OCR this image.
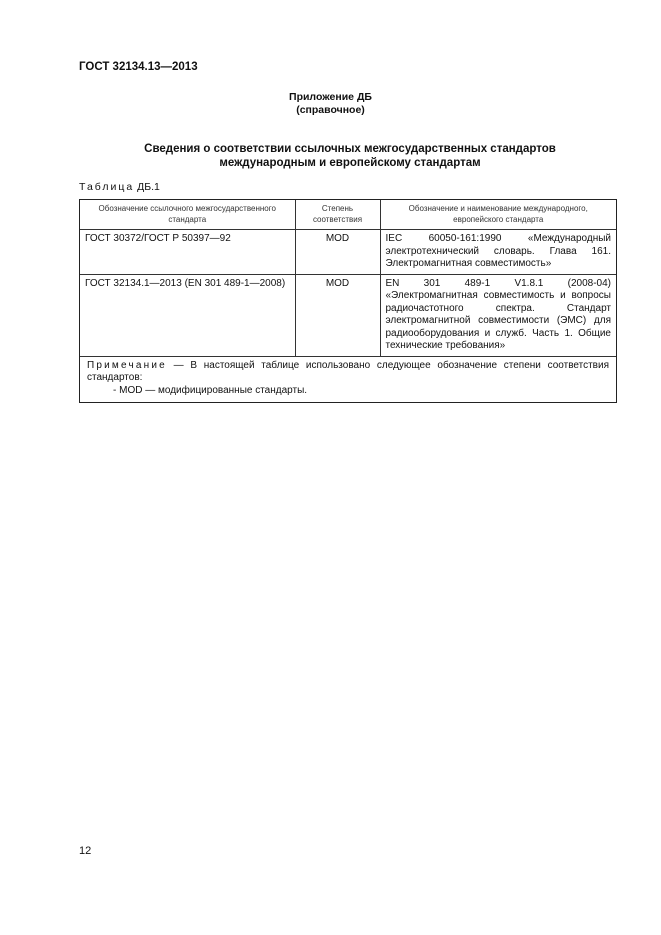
ГОСТ 32134.13—2013
Приложение ДБ
(справочное)
Сведения о соответствии ссылочных межгосударственных стандартов
международным и европейскому стандартам
Таблица ДБ.1
Обозначение ссылочного межгосударственного стандарта	Степень соответствия	Обозначение и наименование международного, европейского стандарта
ГОСТ 30372/ГОСТ Р 50397—92	MOD	IEC 60050-161:1990 «Международный электротехнический словарь. Глава 161. Электромагнитная совместимость»
ГОСТ 32134.1—2013 (EN 301 489-1—2008)	MOD	EN 301 489-1 V1.8.1 (2008-04) «Электромагнитная совместимость и вопросы радиочастотного спектра. Стандарт электромагнитной совместимости (ЭМС) для радиооборудования и служб. Часть 1. Общие технические требования»

Примечание — В настоящей таблице использовано следующее обозначение степени соответствия стандартов:
- MOD — модифицированные стандарты.		
12
